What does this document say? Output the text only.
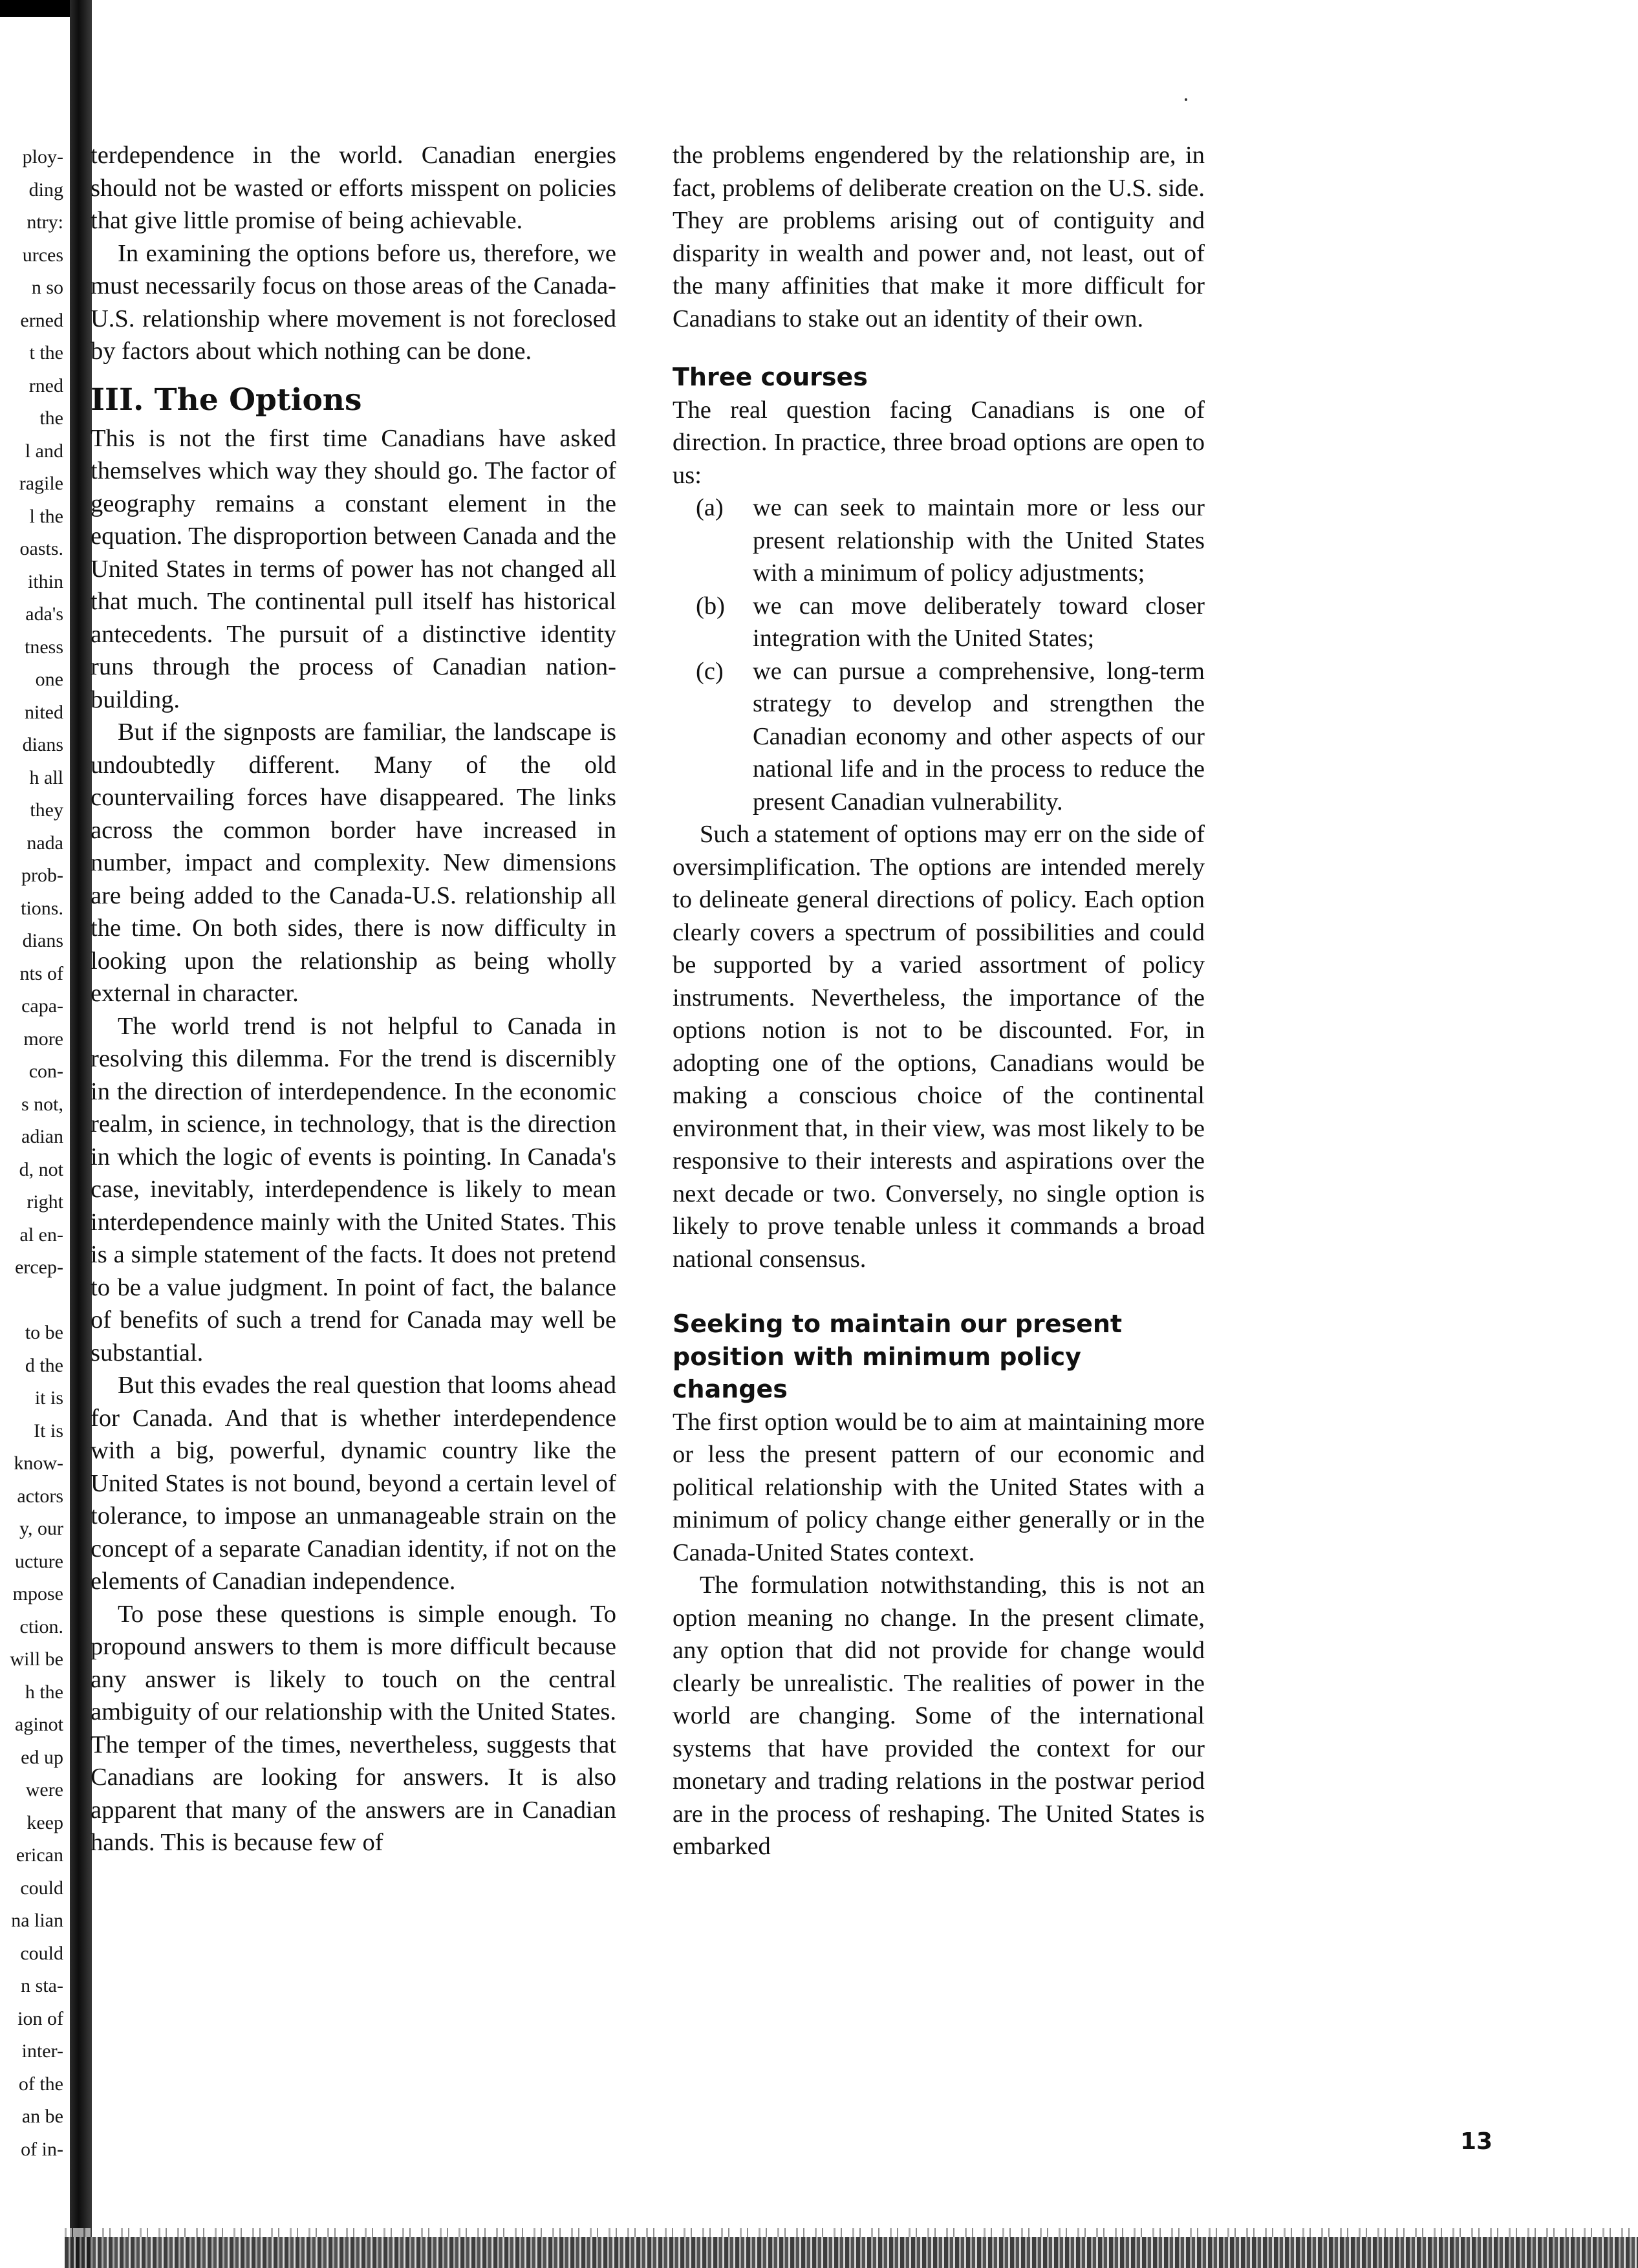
ploy-
ding
ntry:
urces
n so
erned
t the
rned
the
l and
ragile
l the
oasts.
ithin
ada's
tness
one
nited
dians
h all
they
nada
prob-
tions.
dians
nts of
capa-
more
con-
s not,
adian
d, not
right
al en-
ercep-
to be
d the
it is
It is
know-
actors
y, our
ucture
mpose
ction.
will be
h the
aginot
ed up
were
keep
erican
could
na lian
could
n sta-
ion of
inter-
of the
an be
of in-

terdependence in the world. Canadian energies should not be wasted or efforts misspent on policies that give little promise of being achievable.

In examining the options before us, therefore, we must necessarily focus on those areas of the Canada-U.S. relationship where movement is not foreclosed by factors about which nothing can be done.

III. The Options

This is not the first time Canadians have asked themselves which way they should go. The factor of geography remains a constant element in the equation. The disproportion between Canada and the United States in terms of power has not changed all that much. The continental pull itself has historical antecedents. The pursuit of a distinctive identity runs through the process of Canadian nation-building.

But if the signposts are familiar, the landscape is undoubtedly different. Many of the old countervailing forces have disappeared. The links across the common border have increased in number, impact and complexity. New dimensions are being added to the Canada-U.S. relationship all the time. On both sides, there is now difficulty in looking upon the relationship as being wholly external in character.

The world trend is not helpful to Canada in resolving this dilemma. For the trend is discernibly in the direction of interdependence. In the economic realm, in science, in technology, that is the direction in which the logic of events is pointing. In Canada's case, inevitably, interdependence is likely to mean interdependence mainly with the United States. This is a simple statement of the facts. It does not pretend to be a value judgment. In point of fact, the balance of benefits of such a trend for Canada may well be substantial.

But this evades the real question that looms ahead for Canada. And that is whether interdependence with a big, powerful, dynamic country like the United States is not bound, beyond a certain level of tolerance, to impose an unmanageable strain on the concept of a separate Canadian identity, if not on the elements of Canadian independence.

To pose these questions is simple enough. To propound answers to them is more difficult because any answer is likely to touch on the central ambiguity of our relationship with the United States. The temper of the times, nevertheless, suggests that Canadians are looking for answers. It is also apparent that many of the answers are in Canadian hands. This is because few of

the problems engendered by the relationship are, in fact, problems of deliberate creation on the U.S. side. They are problems arising out of contiguity and disparity in wealth and power and, not least, out of the many affinities that make it more difficult for Canadians to stake out an identity of their own.

Three courses

The real question facing Canadians is one of direction. In practice, three broad options are open to us:

(a)	we can seek to maintain more or less our present relationship with the United States with a minimum of policy adjustments;
(b)	we can move deliberately toward closer integration with the United States;
(c)	we can pursue a comprehensive, long-term strategy to develop and strengthen the Canadian economy and other aspects of our national life and in the process to reduce the present Canadian vulnerability.

Such a statement of options may err on the side of oversimplification. The options are intended merely to delineate general directions of policy. Each option clearly covers a spectrum of possibilities and could be supported by a varied assortment of policy instruments. Nevertheless, the importance of the options notion is not to be discounted. For, in adopting one of the options, Canadians would be making a conscious choice of the continental environment that, in their view, was most likely to be responsive to their interests and aspirations over the next decade or two. Conversely, no single option is likely to prove tenable unless it commands a broad national consensus.

Seeking to maintain our present
position with minimum policy changes

The first option would be to aim at maintaining more or less the present pattern of our economic and political relationship with the United States with a minimum of policy change either generally or in the Canada-United States context.

The formulation notwithstanding, this is not an option meaning no change. In the present climate, any option that did not provide for change would clearly be unrealistic. The realities of power in the world are changing. Some of the international systems that have provided the context for our monetary and trading relations in the postwar period are in the process of reshaping. The United States is embarked

13
